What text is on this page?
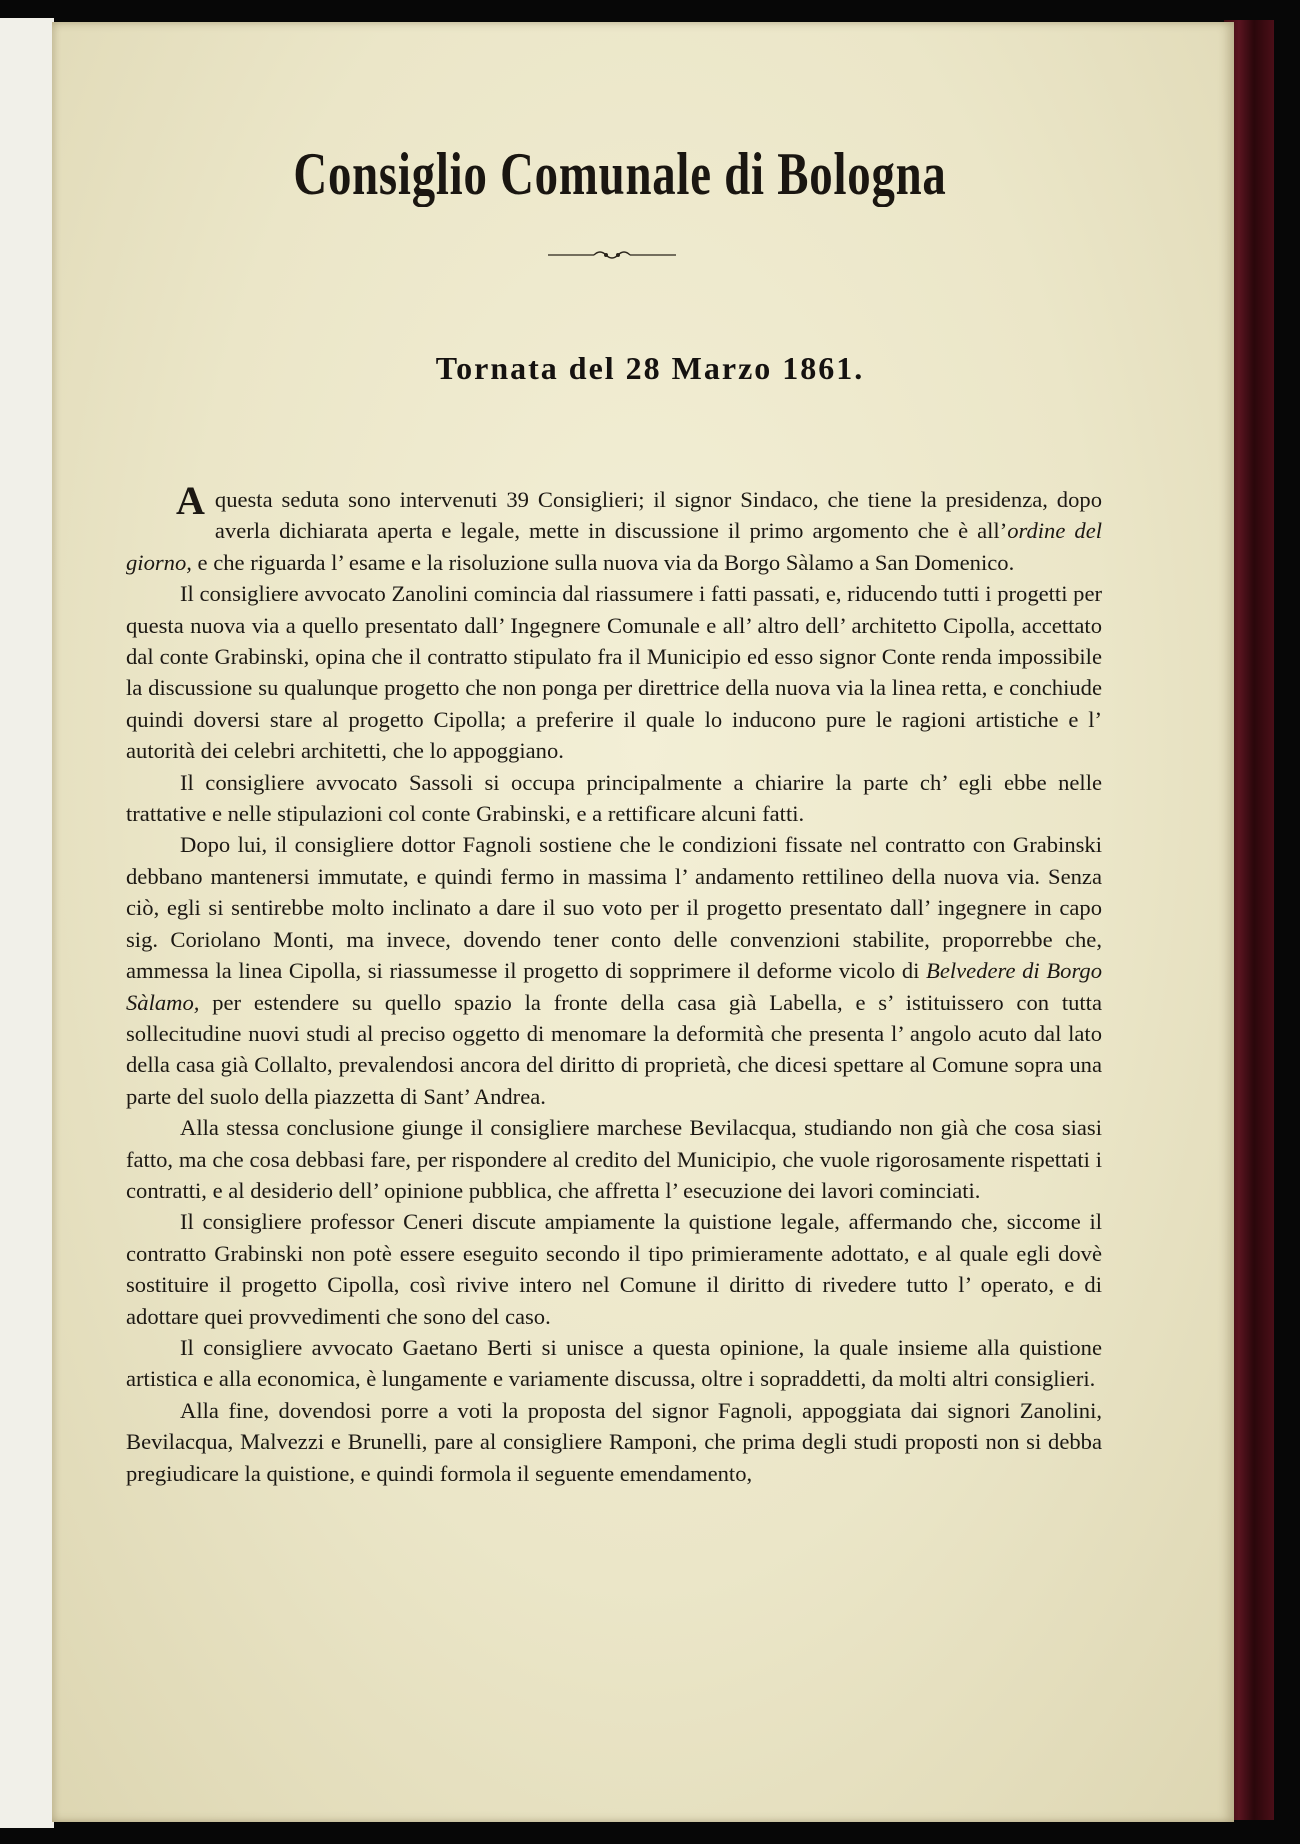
Consiglio Comunale di Bologna
Tornata del 28 Marzo 1861.

Aquesta seduta sono intervenuti 39 Consiglieri; il signor Sindaco, che tiene la presidenza, dopo averla dichiarata aperta e legale, mette in discussione il primo argomento che è all’ordine del giorno, e che riguarda l’ esame e la risoluzione sulla nuova via da Borgo Sàlamo a San Domenico.

Il consigliere avvocato Zanolini comincia dal riassumere i fatti passati, e, riducendo tutti i progetti per questa nuova via a quello presentato dall’ Ingegnere Comunale e all’ altro dell’ architetto Cipolla, accettato dal conte Grabinski, opina che il contratto stipulato fra il Municipio ed esso signor Conte renda impossibile la discussione su qualunque progetto che non ponga per direttrice della nuova via la linea retta, e conchiude quindi doversi stare al progetto Cipolla; a preferire il quale lo inducono pure le ragioni artistiche e l’ autorità dei celebri architetti, che lo appoggiano.

Il consigliere avvocato Sassoli si occupa principalmente a chiarire la parte ch’ egli ebbe nelle trattative e nelle stipulazioni col conte Grabinski, e a rettificare alcuni fatti.

Dopo lui, il consigliere dottor Fagnoli sostiene che le condizioni fissate nel contratto con Grabinski debbano mantenersi immutate, e quindi fermo in massima l’ andamento rettilineo della nuova via. Senza ciò, egli si sentirebbe molto inclinato a dare il suo voto per il progetto presentato dall’ ingegnere in capo sig. Coriolano Monti, ma invece, dovendo tener conto delle convenzioni stabilite, proporrebbe che, ammessa la linea Cipolla, si riassumesse il progetto di sopprimere il deforme vicolo di Belvedere di Borgo Sàlamo, per estendere su quello spazio la fronte della casa già Labella, e s’ istituissero con tutta sollecitudine nuovi studi al preciso oggetto di menomare la deformità che presenta l’ angolo acuto dal lato della casa già Collalto, prevalendosi ancora del diritto di proprietà, che dicesi spettare al Comune sopra una parte del suolo della piazzetta di Sant’ Andrea.

Alla stessa conclusione giunge il consigliere marchese Bevilacqua, studiando non già che cosa siasi fatto, ma che cosa debbasi fare, per rispondere al credito del Municipio, che vuole rigorosamente rispettati i contratti, e al desiderio dell’ opinione pubblica, che affretta l’ esecuzione dei lavori cominciati.

Il consigliere professor Ceneri discute ampiamente la quistione legale, affermando che, siccome il contratto Grabinski non potè essere eseguito secondo il tipo primieramente adottato, e al quale egli dovè sostituire il progetto Cipolla, così rivive intero nel Comune il diritto di rivedere tutto l’ operato, e di adottare quei provvedimenti che sono del caso.

Il consigliere avvocato Gaetano Berti si unisce a questa opinione, la quale insieme alla quistione artistica e alla economica, è lungamente e variamente discussa, oltre i sopraddetti, da molti altri consiglieri.

Alla fine, dovendosi porre a voti la proposta del signor Fagnoli, appoggiata dai signori Zanolini, Bevilacqua, Malvezzi e Brunelli, pare al consigliere Ramponi, che prima degli studi proposti non si debba pregiudicare la quistione, e quindi formola il seguente emendamento,
